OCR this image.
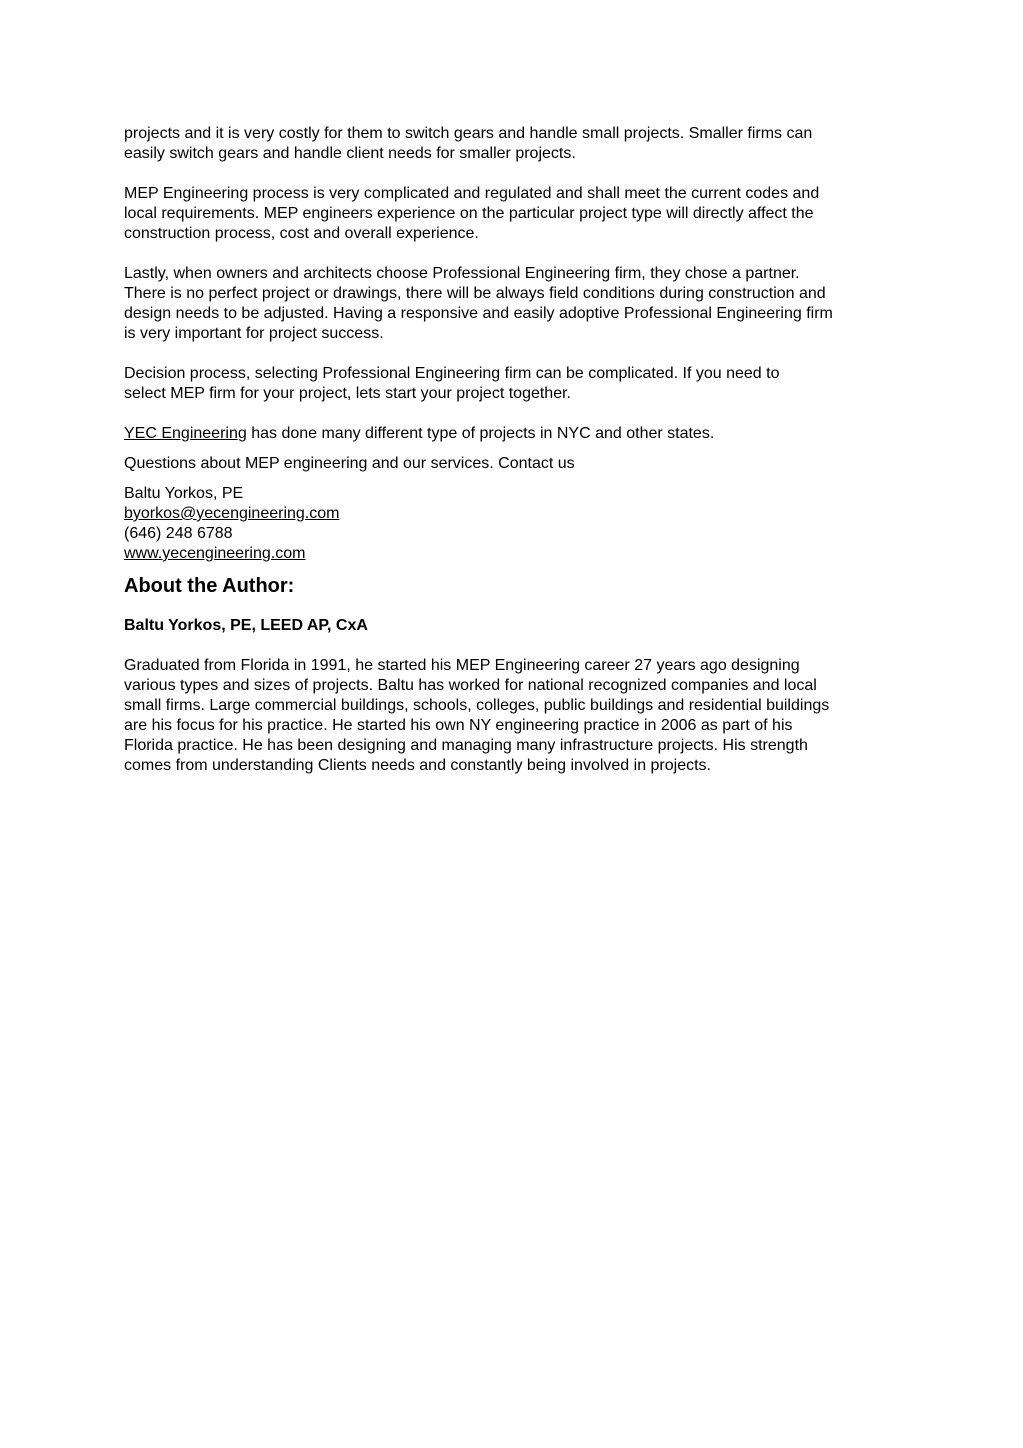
projects and it is very costly for them to switch gears and handle small projects. Smaller firms can
easily switch gears and handle client needs for smaller projects.
MEP Engineering process is very complicated and regulated and shall meet the current codes and
local requirements. MEP engineers experience on the particular project type will directly affect the
construction process, cost and overall experience.
Lastly, when owners and architects choose Professional Engineering firm, they chose a partner.
There is no perfect project or drawings, there will be always field conditions during construction and
design needs to be adjusted. Having a responsive and easily adoptive Professional Engineering firm
is very important for project success.
Decision process, selecting Professional Engineering firm can be complicated. If you need to
select MEP firm for your project, lets start your project together.
YEC Engineering has done many different type of projects in NYC and other states.
Questions about MEP engineering and our services. Contact us
Baltu Yorkos, PE
byorkos@yecengineering.com
(646) 248 6788
www.yecengineering.com
About the Author:
Baltu Yorkos, PE, LEED AP, CxA
Graduated from Florida in 1991, he started his MEP Engineering career 27 years ago designing
various types and sizes of projects. Baltu has worked for national recognized companies and local
small firms. Large commercial buildings, schools, colleges, public buildings and residential buildings
are his focus for his practice. He started his own NY engineering practice in 2006 as part of his
Florida practice. He has been designing and managing many infrastructure projects. His strength
comes from understanding Clients needs and constantly being involved in projects.
